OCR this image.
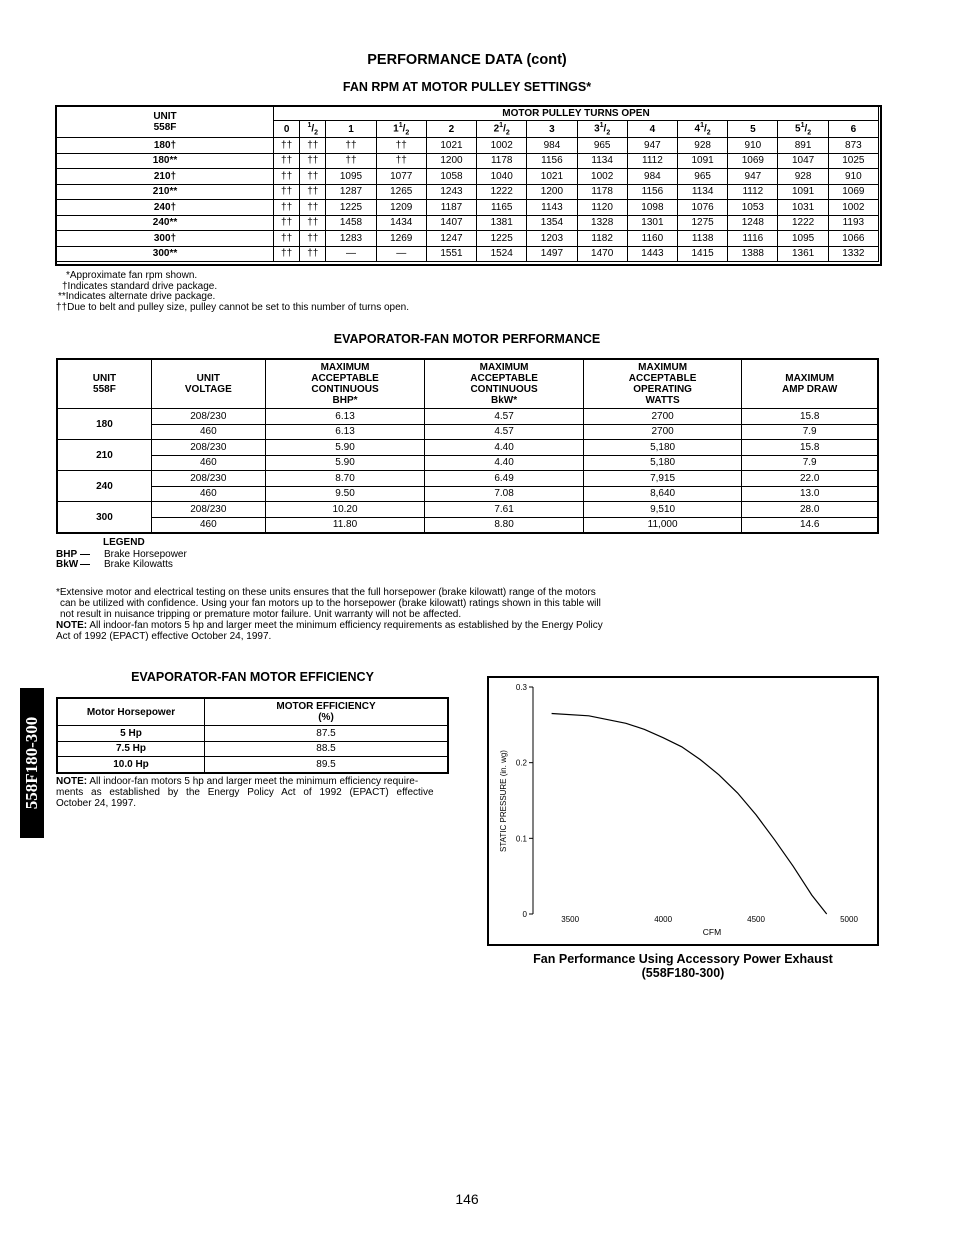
PERFORMANCE DATA (cont)
FAN RPM AT MOTOR PULLEY SETTINGS*
UNIT
558F	MOTOR PULLEY TURNS OPEN												
	0	$^1/_2$	1	$1^1/_2$	2	$2^1/_2$	3	$3^1/_2$	4	$4^1/_2$	5	$5^1/_2$	6
180†	††	††	††	††	1021	1002	984	965	947	928	910	891	873
180**	††	††	††	††	1200	1178	1156	1134	1112	1091	1069	1047	1025
210†	††	††	1095	1077	1058	1040	1021	1002	984	965	947	928	910
210**	††	††	1287	1265	1243	1222	1200	1178	1156	1134	1112	1091	1069
240†	††	††	1225	1209	1187	1165	1143	1120	1098	1076	1053	1031	1002
240**	††	††	1458	1434	1407	1381	1354	1328	1301	1275	1248	1222	1193
300†	††	††	1283	1269	1247	1225	1203	1182	1160	1138	1116	1095	1066
300**	††	††	—	—	1551	1524	1497	1470	1443	1415	1388	1361	1332
*Approximate fan rpm shown.
†Indicates standard drive package.
**Indicates alternate drive package.
††Due to belt and pulley size, pulley cannot be set to this number of turns open.
EVAPORATOR-FAN MOTOR PERFORMANCE
UNIT
558F	UNIT
VOLTAGE	MAXIMUM
ACCEPTABLE
CONTINUOUS
BHP*	MAXIMUM
ACCEPTABLE
CONTINUOUS
BkW*	MAXIMUM
ACCEPTABLE
OPERATING
WATTS	MAXIMUM
AMP DRAW
180	208/230	6.13	4.57	2700	15.8
	460	6.13	4.57	2700	7.9
210	208/230	5.90	4.40	5,180	15.8
	460	5.90	4.40	5,180	7.9
240	208/230	8.70	6.49	7,915	22.0
	460	9.50	7.08	8,640	13.0
300	208/230	10.20	7.61	9,510	28.0
	460	11.80	8.80	11,000	14.6
LEGEND
BHP — Brake Horsepower
BkW — Brake Kilowatts
*Extensive motor and electrical testing on these units ensures that the full horsepower (brake kilowatt) range of the motors
can be utilized with confidence. Using your fan motors up to the horsepower (brake kilowatt) ratings shown in this table will
not result in nuisance tripping or premature motor failure. Unit warranty will not be affected.
NOTE: All indoor-fan motors 5 hp and larger meet the minimum efficiency requirements as established by the Energy Policy
Act of 1992 (EPACT) effective October 24, 1997.
558F180-300
EVAPORATOR-FAN MOTOR EFFICIENCY
Motor Horsepower	MOTOR EFFICIENCY
(%)
5 Hp	87.5
7.5 Hp	88.5
10.0 Hp	89.5
NOTE: All indoor-fan motors 5 hp and larger meet the minimum efficiency require-
ments as established by the Energy Policy Act of 1992 (EPACT) effective
October 24, 1997.	STATIC PRESSURE (in. wg)
CFM
0
0.1
0.2
0.3
3500	4000	4500	5000
Fan Performance Using Accessory Power Exhaust
(558F180-300)
146
